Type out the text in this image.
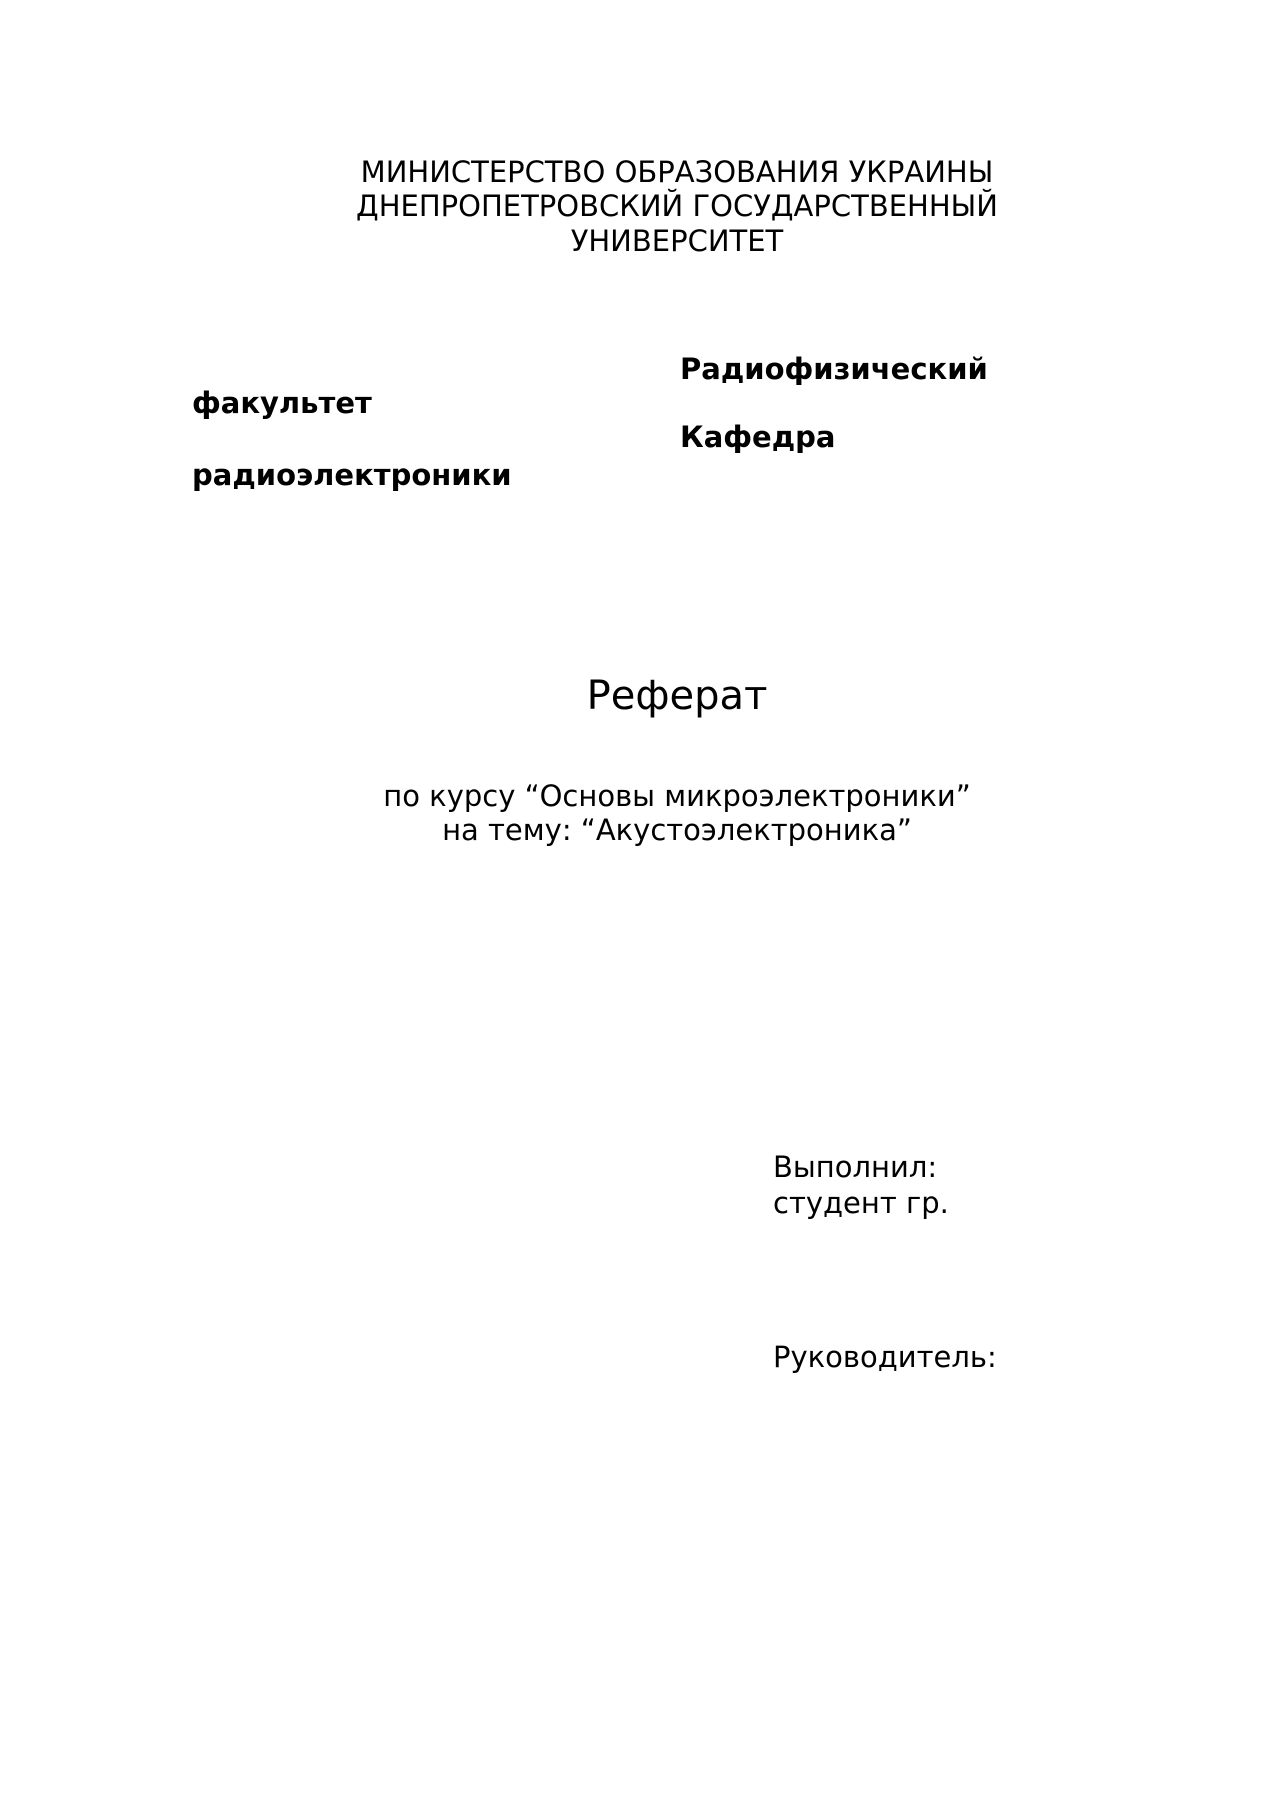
МИНИСТЕРСТВО ОБРАЗОВАНИЯ УКРАИНЫ
ДНЕПРОПЕТРОВСКИЙ ГОСУДАРСТВЕННЫЙ
УНИВЕРСИТЕТ
Радиофизический
факультет
Кафедра
радиоэлектроники
Реферат
по курсу “Основы микроэлектроники”
на тему: “Акустоэлектроника”
Выполнил:
студент гр.
Руководитель:
